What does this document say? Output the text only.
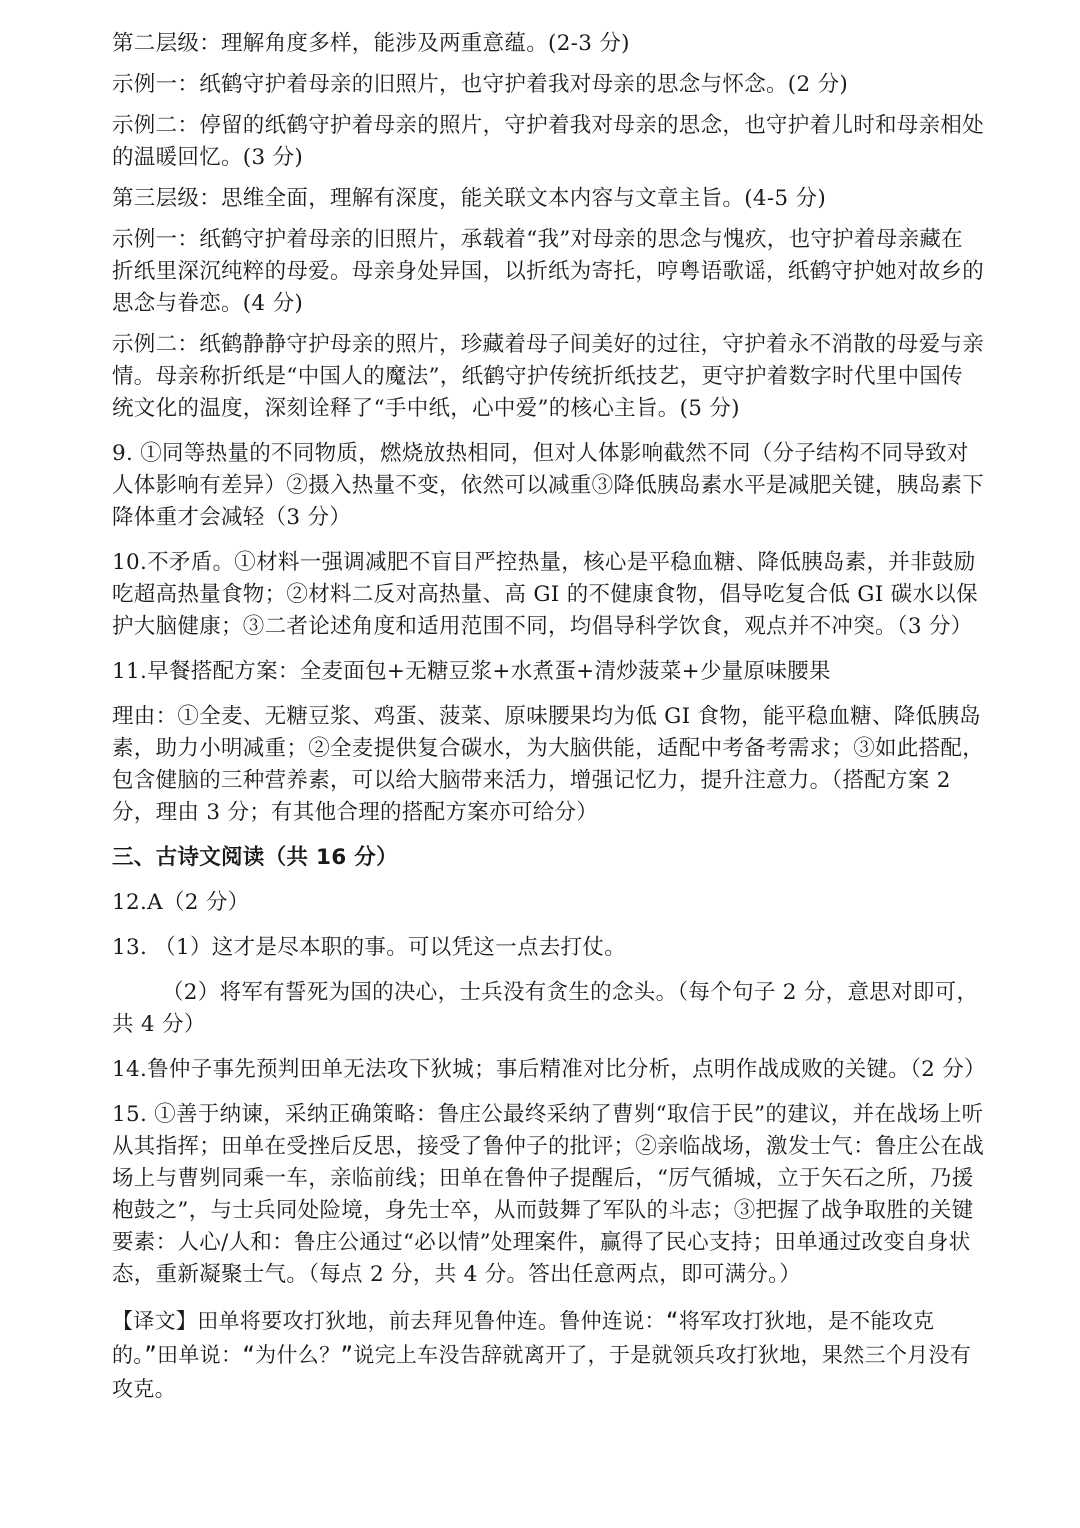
第二层级：理解角度多样，能涉及两重意蕴。(2-3 分)

示例一：纸鹤守护着母亲的旧照片，也守护着我对母亲的思念与怀念。(2 分)

示例二：停留的纸鹤守护着母亲的照片，守护着我对母亲的思念，也守护着儿时和母亲相处的温暖回忆。(3 分)

第三层级：思维全面，理解有深度，能关联文本内容与文章主旨。(4-5 分)

示例一：纸鹤守护着母亲的旧照片，承载着“我”对母亲的思念与愧疚，也守护着母亲藏在折纸里深沉纯粹的母爱。母亲身处异国，以折纸为寄托，哼粤语歌谣，纸鹤守护她对故乡的思念与眷恋。(4 分)

示例二：纸鹤静静守护母亲的照片，珍藏着母子间美好的过往，守护着永不消散的母爱与亲情。母亲称折纸是“中国人的魔法”，纸鹤守护传统折纸技艺，更守护着数字时代里中国传统文化的温度，深刻诠释了“手中纸，心中爱”的核心主旨。(5 分)

9. ①同等热量的不同物质，燃烧放热相同，但对人体影响截然不同（分子结构不同导致对人体影响有差异）②摄入热量不变，依然可以减重③降低胰岛素水平是减肥关键，胰岛素下降体重才会减轻（3 分）

10.不矛盾。①材料一强调减肥不盲目严控热量，核心是平稳血糖、降低胰岛素，并非鼓励吃超高热量食物；②材料二反对高热量、高 GI 的不健康食物，倡导吃复合低 GI 碳水以保护大脑健康；③二者论述角度和适用范围不同，均倡导科学饮食，观点并不冲突。（3 分）

11.早餐搭配方案：全麦面包+无糖豆浆+水煮蛋+清炒菠菜+少量原味腰果

理由：①全麦、无糖豆浆、鸡蛋、菠菜、原味腰果均为低 GI 食物，能平稳血糖、降低胰岛素，助力小明减重；②全麦提供复合碳水，为大脑供能，适配中考备考需求；③如此搭配，包含健脑的三种营养素，可以给大脑带来活力，增强记忆力，提升注意力。（搭配方案 2 分，理由 3 分；有其他合理的搭配方案亦可给分）

三、古诗文阅读（共 16 分）

12.A（2 分）

13. （1）这才是尽本职的事。可以凭这一点去打仗。

（2）将军有誓死为国的决心，士兵没有贪生的念头。（每个句子 2 分，意思对即可，共 4 分）

14.鲁仲子事先预判田单无法攻下狄城；事后精准对比分析，点明作战成败的关键。（2 分）

15. ①善于纳谏，采纳正确策略：鲁庄公最终采纳了曹刿“取信于民”的建议，并在战场上听从其指挥；田单在受挫后反思，接受了鲁仲子的批评；②亲临战场，激发士气：鲁庄公在战场上与曹刿同乘一车，亲临前线；田单在鲁仲子提醒后，“厉气循城，立于矢石之所，乃援枹鼓之”，与士兵同处险境，身先士卒，从而鼓舞了军队的斗志；③把握了战争取胜的关键要素：人心/人和：鲁庄公通过“必以情”处理案件，赢得了民心支持；田单通过改变自身状态，重新凝聚士气。（每点 2 分，共 4 分。答出任意两点，即可满分。）

【译文】田单将要攻打狄地，前去拜见鲁仲连。鲁仲连说：“将军攻打狄地，是不能攻克的。”田单说：“为什么？”说完上车没告辞就离开了，于是就领兵攻打狄地，果然三个月没有攻克。
